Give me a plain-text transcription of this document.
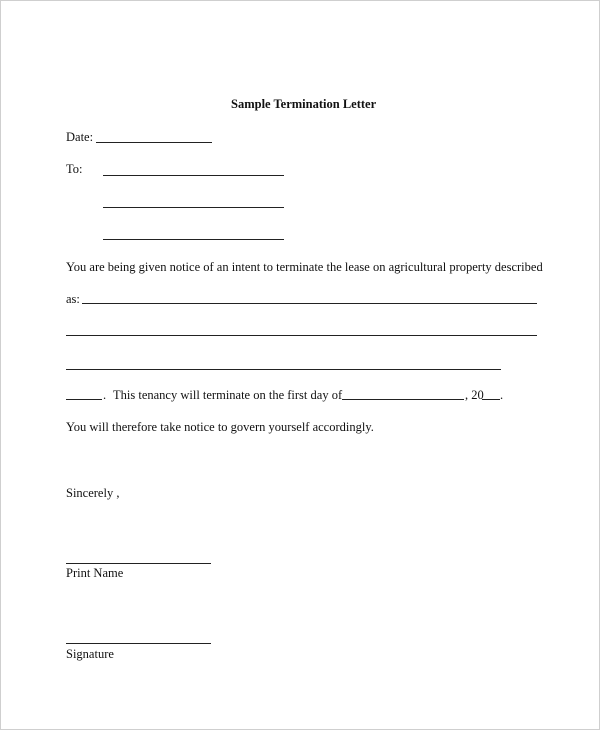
Sample Termination Letter
Date:
To:
You are being given notice of an intent to terminate the lease on agricultural property described
as:
. This tenancy will terminate on the first day of	, 20 .
You will therefore take notice to govern yourself accordingly.
Sincerely ,
Print Name
Signature
